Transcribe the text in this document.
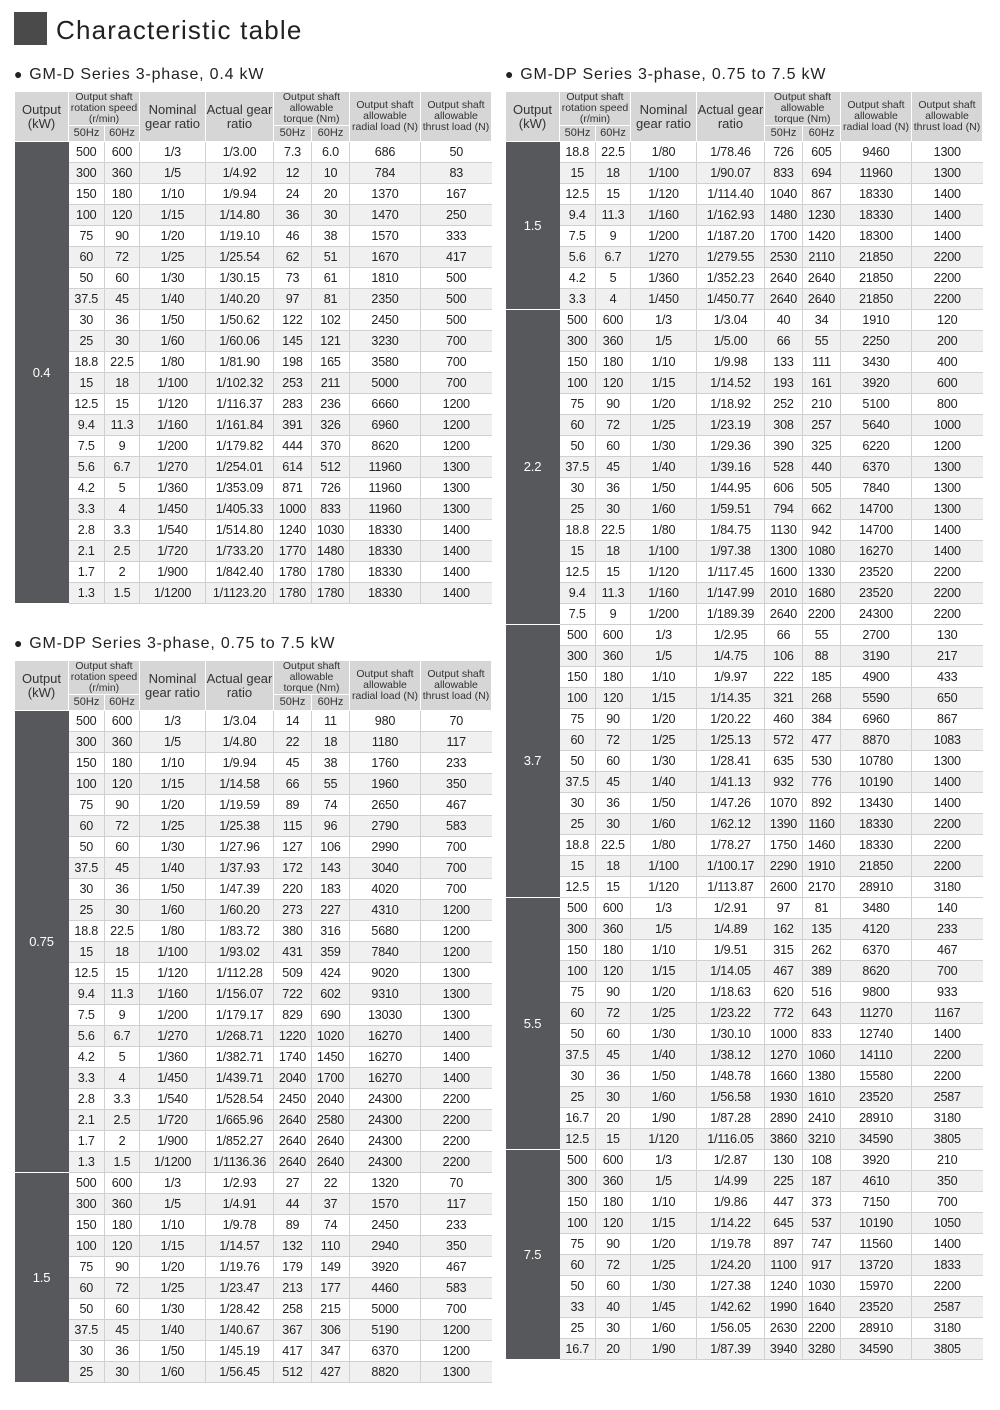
Characteristic table
● GM-D Series 3-phase, 0.4 kW
Output (kW)	Output shaft rotation speed (r/min)		Nominal gear ratio	Actual gear ratio	Output shaft allowable torque (Nm)		Output shaft allowable radial load (N)	Output shaft allowable thrust load (N)
	50Hz	60Hz			50Hz	60Hz		
0.4	500	600	1/3	1/3.00	7.3	6.0	686	50
	300	360	1/5	1/4.92	12	10	784	83
	150	180	1/10	1/9.94	24	20	1370	167
	100	120	1/15	1/14.80	36	30	1470	250
	75	90	1/20	1/19.10	46	38	1570	333
	60	72	1/25	1/25.54	62	51	1670	417
	50	60	1/30	1/30.15	73	61	1810	500
	37.5	45	1/40	1/40.20	97	81	2350	500
	30	36	1/50	1/50.62	122	102	2450	500
	25	30	1/60	1/60.06	145	121	3230	700
	18.8	22.5	1/80	1/81.90	198	165	3580	700
	15	18	1/100	1/102.32	253	211	5000	700
	12.5	15	1/120	1/116.37	283	236	6660	1200
	9.4	11.3	1/160	1/161.84	391	326	6960	1200
	7.5	9	1/200	1/179.82	444	370	8620	1200
	5.6	6.7	1/270	1/254.01	614	512	11960	1300
	4.2	5	1/360	1/353.09	871	726	11960	1300
	3.3	4	1/450	1/405.33	1000	833	11960	1300
	2.8	3.3	1/540	1/514.80	1240	1030	18330	1400
	2.1	2.5	1/720	1/733.20	1770	1480	18330	1400
	1.7	2	1/900	1/842.40	1780	1780	18330	1400
	1.3	1.5	1/1200	1/1123.20	1780	1780	18330	1400
● GM-DP Series 3-phase, 0.75 to 7.5 kW
Output (kW)	Output shaft rotation speed (r/min)		Nominal gear ratio	Actual gear ratio	Output shaft allowable torque (Nm)		Output shaft allowable radial load (N)	Output shaft allowable thrust load (N)
	50Hz	60Hz			50Hz	60Hz		
0.75	500	600	1/3	1/3.04	14	11	980	70
	300	360	1/5	1/4.80	22	18	1180	117
	150	180	1/10	1/9.94	45	38	1760	233
	100	120	1/15	1/14.58	66	55	1960	350
	75	90	1/20	1/19.59	89	74	2650	467
	60	72	1/25	1/25.38	115	96	2790	583
	50	60	1/30	1/27.96	127	106	2990	700
	37.5	45	1/40	1/37.93	172	143	3040	700
	30	36	1/50	1/47.39	220	183	4020	700
	25	30	1/60	1/60.20	273	227	4310	1200
	18.8	22.5	1/80	1/83.72	380	316	5680	1200
	15	18	1/100	1/93.02	431	359	7840	1200
	12.5	15	1/120	1/112.28	509	424	9020	1300
	9.4	11.3	1/160	1/156.07	722	602	9310	1300
	7.5	9	1/200	1/179.17	829	690	13030	1300
	5.6	6.7	1/270	1/268.71	1220	1020	16270	1400
	4.2	5	1/360	1/382.71	1740	1450	16270	1400
	3.3	4	1/450	1/439.71	2040	1700	16270	1400
	2.8	3.3	1/540	1/528.54	2450	2040	24300	2200
	2.1	2.5	1/720	1/665.96	2640	2580	24300	2200
	1.7	2	1/900	1/852.27	2640	2640	24300	2200
	1.3	1.5	1/1200	1/1136.36	2640	2640	24300	2200
1.5	500	600	1/3	1/2.93	27	22	1320	70
	300	360	1/5	1/4.91	44	37	1570	117
	150	180	1/10	1/9.78	89	74	2450	233
	100	120	1/15	1/14.57	132	110	2940	350
	75	90	1/20	1/19.76	179	149	3920	467
	60	72	1/25	1/23.47	213	177	4460	583
	50	60	1/30	1/28.42	258	215	5000	700
	37.5	45	1/40	1/40.67	367	306	5190	1200
	30	36	1/50	1/45.19	417	347	6370	1200
	25	30	1/60	1/56.45	512	427	8820	1300
● GM-DP Series 3-phase, 0.75 to 7.5 kW
Output (kW)	Output shaft rotation speed (r/min)		Nominal gear ratio	Actual gear ratio	Output shaft allowable torque (Nm)		Output shaft allowable radial load (N)	Output shaft allowable thrust load (N)
	50Hz	60Hz			50Hz	60Hz		
1.5	18.8	22.5	1/80	1/78.46	726	605	9460	1300
	15	18	1/100	1/90.07	833	694	11960	1300
	12.5	15	1/120	1/114.40	1040	867	18330	1400
	9.4	11.3	1/160	1/162.93	1480	1230	18330	1400
	7.5	9	1/200	1/187.20	1700	1420	18300	1400
	5.6	6.7	1/270	1/279.55	2530	2110	21850	2200
	4.2	5	1/360	1/352.23	2640	2640	21850	2200
	3.3	4	1/450	1/450.77	2640	2640	21850	2200
2.2	500	600	1/3	1/3.04	40	34	1910	120
	300	360	1/5	1/5.00	66	55	2250	200
	150	180	1/10	1/9.98	133	111	3430	400
	100	120	1/15	1/14.52	193	161	3920	600
	75	90	1/20	1/18.92	252	210	5100	800
	60	72	1/25	1/23.19	308	257	5640	1000
	50	60	1/30	1/29.36	390	325	6220	1200
	37.5	45	1/40	1/39.16	528	440	6370	1300
	30	36	1/50	1/44.95	606	505	7840	1300
	25	30	1/60	1/59.51	794	662	14700	1300
	18.8	22.5	1/80	1/84.75	1130	942	14700	1400
	15	18	1/100	1/97.38	1300	1080	16270	1400
	12.5	15	1/120	1/117.45	1600	1330	23520	2200
	9.4	11.3	1/160	1/147.99	2010	1680	23520	2200
	7.5	9	1/200	1/189.39	2640	2200	24300	2200
3.7	500	600	1/3	1/2.95	66	55	2700	130
	300	360	1/5	1/4.75	106	88	3190	217
	150	180	1/10	1/9.97	222	185	4900	433
	100	120	1/15	1/14.35	321	268	5590	650
	75	90	1/20	1/20.22	460	384	6960	867
	60	72	1/25	1/25.13	572	477	8870	1083
	50	60	1/30	1/28.41	635	530	10780	1300
	37.5	45	1/40	1/41.13	932	776	10190	1400
	30	36	1/50	1/47.26	1070	892	13430	1400
	25	30	1/60	1/62.12	1390	1160	18330	2200
	18.8	22.5	1/80	1/78.27	1750	1460	18330	2200
	15	18	1/100	1/100.17	2290	1910	21850	2200
	12.5	15	1/120	1/113.87	2600	2170	28910	3180
5.5	500	600	1/3	1/2.91	97	81	3480	140
	300	360	1/5	1/4.89	162	135	4120	233
	150	180	1/10	1/9.51	315	262	6370	467
	100	120	1/15	1/14.05	467	389	8620	700
	75	90	1/20	1/18.63	620	516	9800	933
	60	72	1/25	1/23.22	772	643	11270	1167
	50	60	1/30	1/30.10	1000	833	12740	1400
	37.5	45	1/40	1/38.12	1270	1060	14110	2200
	30	36	1/50	1/48.78	1660	1380	15580	2200
	25	30	1/60	1/56.58	1930	1610	23520	2587
	16.7	20	1/90	1/87.28	2890	2410	28910	3180
	12.5	15	1/120	1/116.05	3860	3210	34590	3805
7.5	500	600	1/3	1/2.87	130	108	3920	210
	300	360	1/5	1/4.99	225	187	4610	350
	150	180	1/10	1/9.86	447	373	7150	700
	100	120	1/15	1/14.22	645	537	10190	1050
	75	90	1/20	1/19.78	897	747	11560	1400
	60	72	1/25	1/24.20	1100	917	13720	1833
	50	60	1/30	1/27.38	1240	1030	15970	2200
	33	40	1/45	1/42.62	1990	1640	23520	2587
	25	30	1/60	1/56.05	2630	2200	28910	3180
	16.7	20	1/90	1/87.39	3940	3280	34590	3805
